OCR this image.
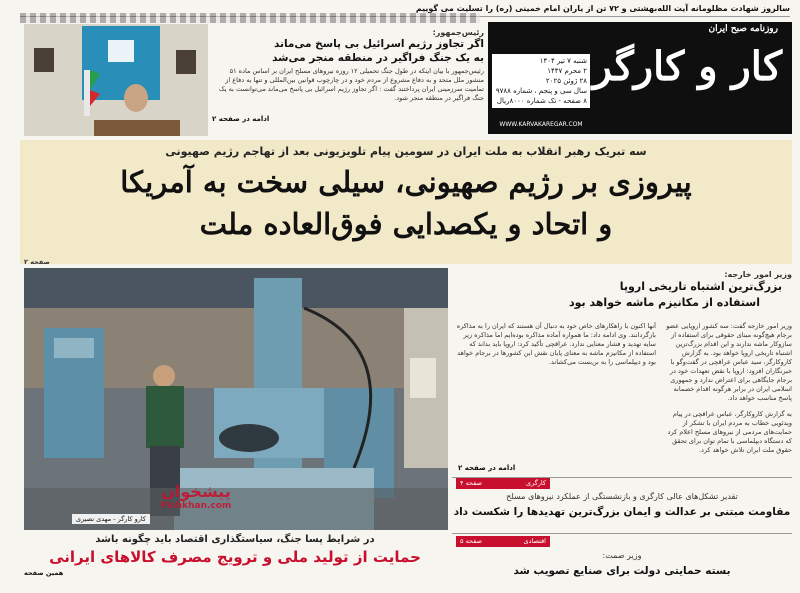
سالروز شهادت مظلومانه آیت الله‌بهشتی و ۷۲ تن از یاران امام خمینی (ره) را تسلیت می گوییم
روزنامه صبح ایران
کار و کارگر
شنبه ۷ تیر ۱۴۰۴
۲ محرم ۱۴۴۷
۲۸ ژوئن ۲۰۲۵
سال سی و پنجم ، شماره ۹۷۸۸
۸ صفحه - تک شماره ۸۰۰۰ریال
WWW.KARVAKAREGAR.COM
رئیس‌جمهور:
اگر تجاوز رژیم اسرائیل بی پاسخ می‌ماند
به یک جنگ فراگیر در منطقه منجر می‌شد
رئیس‌جمهور با بیان اینکه در طول جنگ تحمیلی ۱۲ روزه نیروهای مسلح ایران بر اساس ماده ۵۱ منشور ملل متحد و به دفاع مشروع از مردم خود و در چارچوب قوانین بین‌المللی و تنها به دفاع از تمامیت سرزمینی ایران پرداختند گفت : اگر تجاوز رژیم اسرائیل بی پاسخ می‌ماند می‌توانست به یک جنگ فراگیر در منطقه منجر شود.
ادامه در صفحه ۲
سه تبریک رهبر انقلاب به ملت ایران در سومین پیام تلویزیونی بعد از تهاجم رژیم صهیونی
پیروزی بر رژیم صهیونی، سیلی سخت به آمریکا
و اتحاد و یکصدایی فوق‌العاده ملت
صفحه ۲
پیشخوان
Pishkhan.com
کارو کارگر - مهدی نصیری
وزیر امور خارجه:
بزرگ‌ترین اشتباه تاریخی اروپا
استفاده از مکانیزم ماشه خواهد بود
وزیر امور خارجه گفت: سه کشور اروپایی عضو برجام هیچ‌گونه مبنای حقوقی برای استفاده از سازوکار ماشه ندارند و این اقدام بزرگ‌ترین اشتباه تاریخی اروپا خواهد بود. به گزارش کاروکارگر، سید عباس عراقچی در گفت‌وگو با خبرنگاران افزود: اروپا با نقض تعهدات خود در برجام جایگاهی برای اعتراض ندارد و جمهوری اسلامی ایران در برابر هرگونه اقدام خصمانه پاسخ مناسب خواهد داد.
آنها اکنون با راهکارهای خاص خود به دنبال آن هستند که ایران را به مذاکره بازگردانند. وی ادامه داد: ما همواره آماده مذاکره بوده‌ایم اما مذاکره زیر سایه تهدید و فشار معنایی ندارد. عراقچی تأکید کرد: اروپا باید بداند که استفاده از مکانیزم ماشه به معنای پایان نقش این کشورها در برجام خواهد بود و دیپلماسی را به بن‌بست می‌کشاند.
به گزارش کاروکارگر، عباس عراقچی در پیام ویدئویی خطاب به مردم ایران با تشکر از حمایت‌های مردمی از نیروهای مسلح اعلام کرد که دستگاه دیپلماسی با تمام توان برای تحقق حقوق ملت ایران تلاش خواهد کرد.
ادامه در صفحه ۲
کارگری
صفحه ۴
تقدیر تشکل‌های عالی کارگری و بازنشستگی از عملکرد نیروهای مسلح
مقاومت مبتنی بر عدالت و ایمان بزرگ‌ترین تهدیدها را شکست داد
اقتصادی
صفحه ۵
وزیر صمت:
بسته حمایتی دولت برای صنایع تصویب شد
در شرایط پسا جنگ، سیاستگذاری اقتصاد باید چگونه باشد
حمایت از تولید ملی و ترویج مصرف کالاهای ایرانی
همین صفحه
